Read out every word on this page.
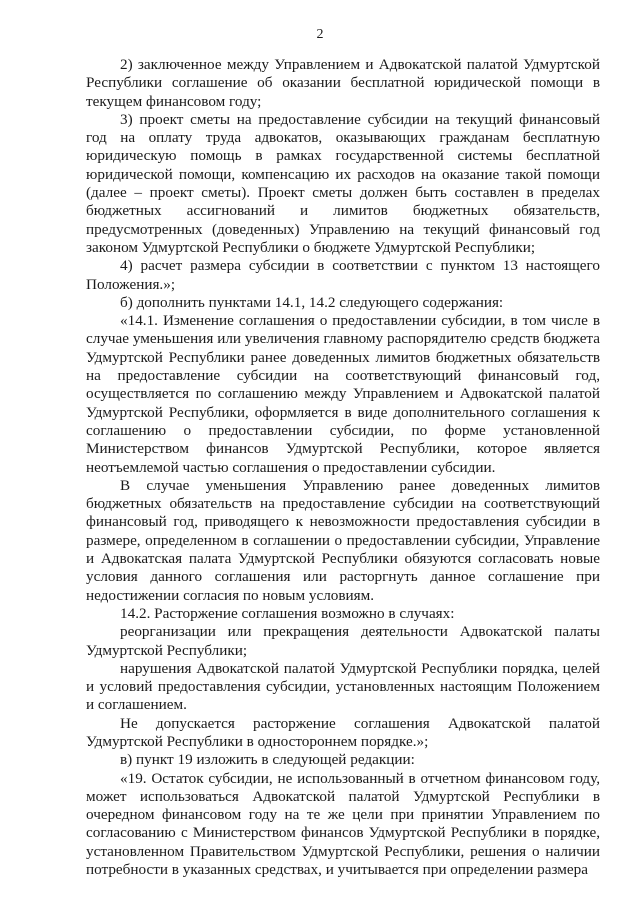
2

2) заключенное между Управлением и Адвокатской палатой Удмуртской Республики соглашение об оказании бесплатной юридической помощи в текущем финансовом году;

3) проект сметы на предоставление субсидии на текущий финансовый год на оплату труда адвокатов, оказывающих гражданам бесплатную юридическую помощь в рамках государственной системы бесплатной юридической помощи, компенсацию их расходов на оказание такой помощи (далее – проект сметы). Проект сметы должен быть составлен в пределах бюджетных ассигнований и лимитов бюджетных обязательств, предусмотренных (доведенных) Управлению на текущий финансовый год законом Удмуртской Республики о бюджете Удмуртской Республики;

4) расчет размера субсидии в соответствии с пунктом 13 настоящего Положения.»;

б) дополнить пунктами 14.1, 14.2 следующего содержания:

«14.1. Изменение соглашения о предоставлении субсидии, в том числе в случае уменьшения или увеличения главному распорядителю средств бюджета Удмуртской Республики ранее доведенных лимитов бюджетных обязательств на предоставление субсидии на соответствующий финансовый год, осуществляется по соглашению между Управлением и Адвокатской палатой Удмуртской Республики, оформляется в виде дополнительного соглашения к соглашению о предоставлении субсидии, по форме установленной Министерством финансов Удмуртской Республики, которое является неотъемлемой частью соглашения о предоставлении субсидии.

В случае уменьшения Управлению ранее доведенных лимитов бюджетных обязательств на предоставление субсидии на соответствующий финансовый год, приводящего к невозможности предоставления субсидии в размере, определенном в соглашении о предоставлении субсидии, Управление и Адвокатская палата Удмуртской Республики обязуются согласовать новые условия данного соглашения или расторгнуть данное соглашение при недостижении согласия по новым условиям.

14.2. Расторжение соглашения возможно в случаях:

реорганизации или прекращения деятельности Адвокатской палаты Удмуртской Республики;

нарушения Адвокатской палатой Удмуртской Республики порядка, целей и условий предоставления субсидии, установленных настоящим Положением и соглашением.

Не допускается расторжение соглашения Адвокатской палатой Удмуртской Республики в одностороннем порядке.»;

в) пункт 19 изложить в следующей редакции:

«19. Остаток субсидии, не использованный в отчетном финансовом году, может использоваться Адвокатской палатой Удмуртской Республики в очередном финансовом году на те же цели при принятии Управлением по согласованию с Министерством финансов Удмуртской Республики в порядке, установленном Правительством Удмуртской Республики, решения о наличии потребности в указанных средствах, и учитывается при определении размера
